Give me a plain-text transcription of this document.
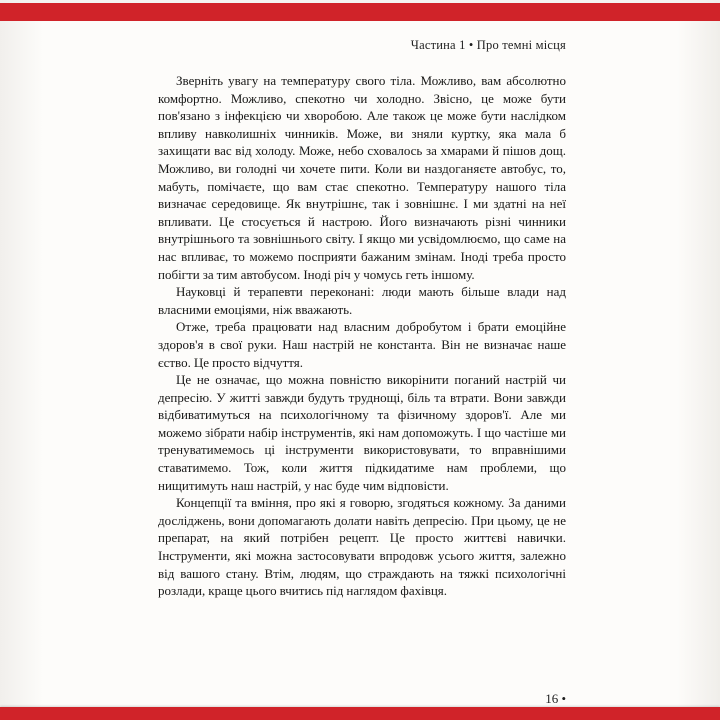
Частина 1 • Про темні місця

Зверніть увагу на температуру свого тіла. Можливо, вам абсолютно комфортно. Можливо, спекотно чи холодно. Звісно, це може бути пов'язано з інфекцією чи хворобою. Але також це може бути наслідком впливу навколишніх чинників. Може, ви зняли куртку, яка мала б захищати вас від холоду. Може, небо сховалось за хмарами й пішов дощ. Можливо, ви голодні чи хочете пити. Коли ви наздоганяєте автобус, то, мабуть, помічаєте, що вам стає спекотно. Температуру нашого тіла визначає середовище. Як внутрішнє, так і зовнішнє. І ми здатні на неї впливати. Це стосується й настрою. Його визначають різні чинники внутрішнього та зовнішнього світу. І якщо ми усвідомлюємо, що саме на нас впливає, то можемо посприяти бажаним змінам. Іноді треба просто побігти за тим автобусом. Іноді річ у чомусь геть іншому.

Науковці й терапевти переконані: люди мають більше влади над власними емоціями, ніж вважають.

Отже, треба працювати над власним добробутом і брати емоційне здоров'я в свої руки. Наш настрій не константа. Він не визначає наше єство. Це просто відчуття.

Це не означає, що можна повністю викорінити поганий настрій чи депресію. У житті завжди будуть труднощі, біль та втрати. Вони завжди відбиватимуться на психологічному та фізичному здоров'ї. Але ми можемо зібрати набір інструментів, які нам допоможуть. І що частіше ми тренуватимемось ці інструменти використовувати, то вправнішими ставатимемо. Тож, коли життя підкидатиме нам проблеми, що нищитимуть наш настрій, у нас буде чим відповісти.

Концепції та вміння, про які я говорю, згодяться кожному. За даними досліджень, вони допомагають долати навіть депресію. При цьому, це не препарат, на який потрібен рецепт. Це просто життєві навички. Інструменти, які можна застосовувати впродовж усього життя, залежно від вашого стану. Втім, людям, що страждають на тяжкі психологічні розлади, краще цього вчитись під наглядом фахівця.

16 •
